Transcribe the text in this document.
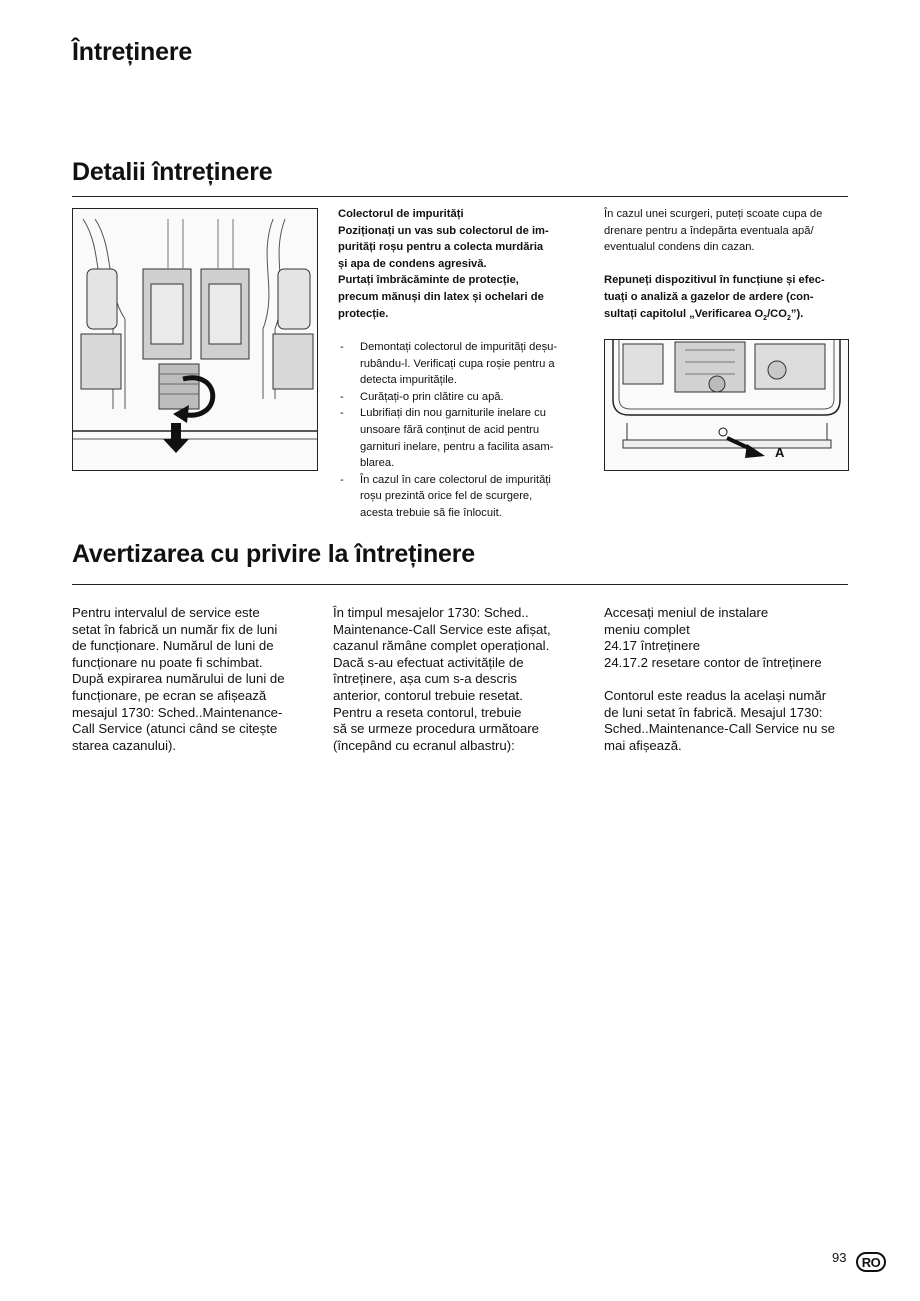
Întreținere
Detalii întreținere
Colectorul de impurități
Poziționați un vas sub colectorul de im-
purități roșu pentru a colecta murdăria
și apa de condens agresivă.
Purtați îmbrăcăminte de protecție,
precum mănuși din latex și ochelari de
protecție.
- Demontați colectorul de impurități deșu-
rubându-l. Verificați cupa roșie pentru a
detecta impuritățile.
- Curățați-o prin clătire cu apă.
- Lubrifiați din nou garniturile inelare cu
unsoare fără conținut de acid pentru
garnituri inelare, pentru a facilita asam-
blarea.
- În cazul în care colectorul de impurități
roșu prezintă orice fel de scurgere,
acesta trebuie să fie înlocuit.
În cazul unei scurgeri, puteți scoate cupa de
drenare pentru a îndepărta eventuala apă/
eventualul condens din cazan.
Repuneți dispozitivul în funcțiune și efec-
tuați o analiză a gazelor de ardere (con-
sultați capitolul „Verificarea $O_2/CO_2$”).
A
Avertizarea cu privire la întreținere
Pentru intervalul de service este
setat în fabrică un număr fix de luni
de funcționare. Numărul de luni de
funcționare nu poate fi schimbat.
După expirarea numărului de luni de
funcționare, pe ecran se afișează
mesajul 1730: Sched..Maintenance-
Call Service (atunci când se citește
starea cazanului).
În timpul mesajelor 1730: Sched..
Maintenance-Call Service este afișat,
cazanul rămâne complet operațional.
Dacă s-au efectuat activitățile de
întreținere, așa cum s-a descris
anterior, contorul trebuie resetat.
Pentru a reseta contorul, trebuie
să se urmeze procedura următoare
(începând cu ecranul albastru):
Accesați meniul de instalare
meniu complet
24.17 întreținere
24.17.2 resetare contor de întreținere
Contorul este readus la același număr
de luni setat în fabrică. Mesajul 1730:
Sched..Maintenance-Call Service nu se
mai afișează.
93	RO
